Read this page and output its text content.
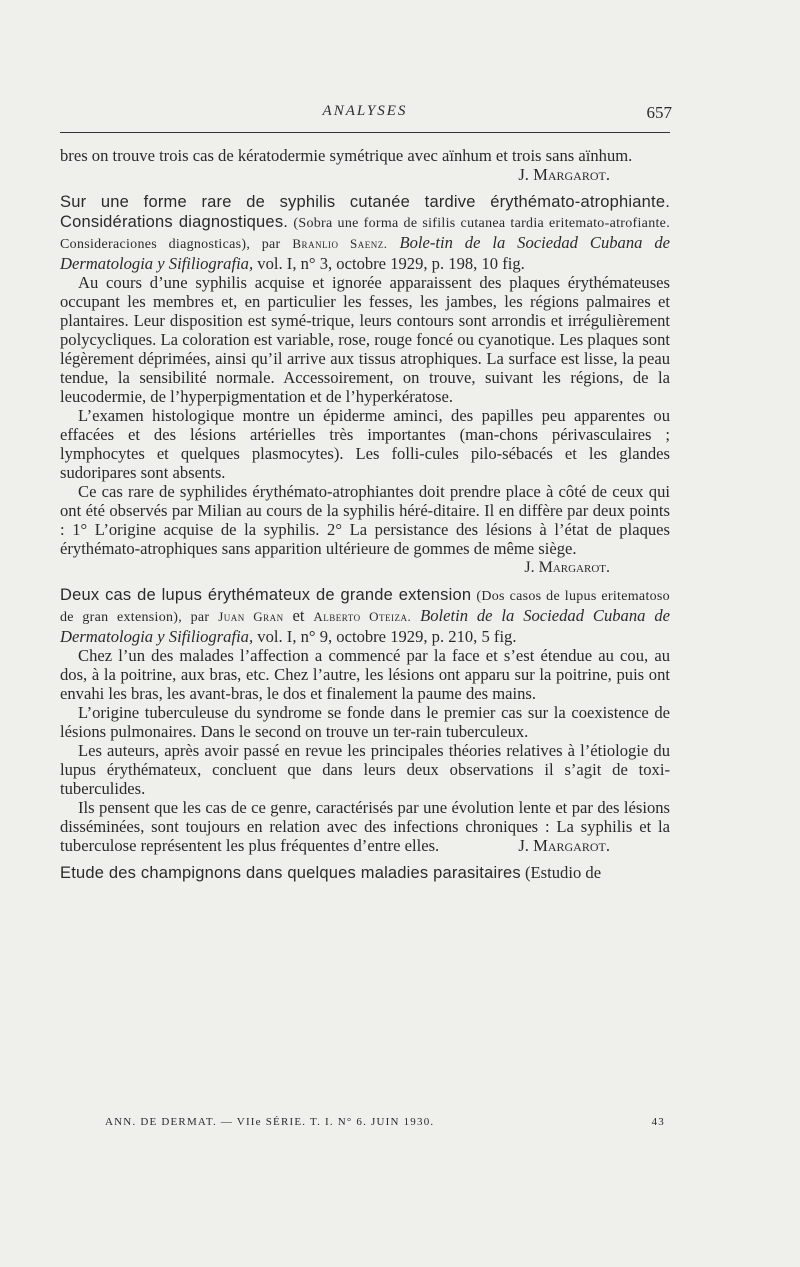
ANALYSES	657

bres on trouve trois cas de kératodermie symétrique avec aïnhum et trois sans aïnhum.
J. Margarot.

Sur une forme rare de syphilis cutanée tardive érythémato-atrophiante. Considérations diagnostiques. (Sobra une forma de sifilis cutanea tardia eritemato-atrofiante. Consideraciones diagnosticas), par Branlio Saenz. Bole-tin de la Sociedad Cubana de Dermatologia y Sifiliografia, vol. I, n° 3, octobre 1929, p. 198, 10 fig.

Au cours d’une syphilis acquise et ignorée apparaissent des plaques érythémateuses occupant les membres et, en particulier les fesses, les jambes, les régions palmaires et plantaires. Leur disposition est symé-trique, leurs contours sont arrondis et irrégulièrement polycycliques. La coloration est variable, rose, rouge foncé ou cyanotique. Les plaques sont légèrement déprimées, ainsi qu’il arrive aux tissus atrophiques. La surface est lisse, la peau tendue, la sensibilité normale. Accessoirement, on trouve, suivant les régions, de la leucodermie, de l’hyperpigmentation et de l’hyperkératose.

L’examen histologique montre un épiderme aminci, des papilles peu apparentes ou effacées et des lésions artérielles très importantes (man-chons périvasculaires ; lymphocytes et quelques plasmocytes). Les folli-cules pilo-sébacés et les glandes sudoripares sont absents.

Ce cas rare de syphilides érythémato-atrophiantes doit prendre place à côté de ceux qui ont été observés par Milian au cours de la syphilis héré-ditaire. Il en diffère par deux points : 1° L’origine acquise de la syphilis. 2° La persistance des lésions à l’état de plaques érythémato-atrophiques sans apparition ultérieure de gommes de même siège.

J. Margarot.

Deux cas de lupus érythémateux de grande extension (Dos casos de lupus eritematoso de gran extension), par Juan Gran et Alberto Oteiza. Boletin de la Sociedad Cubana de Dermatologia y Sifiliografia, vol. I, n° 9, octobre 1929, p. 210, 5 fig.

Chez l’un des malades l’affection a commencé par la face et s’est étendue au cou, au dos, à la poitrine, aux bras, etc. Chez l’autre, les lésions ont apparu sur la poitrine, puis ont envahi les bras, les avant-bras, le dos et finalement la paume des mains.

L’origine tuberculeuse du syndrome se fonde dans le premier cas sur la coexistence de lésions pulmonaires. Dans le second on trouve un ter-rain tuberculeux.

Les auteurs, après avoir passé en revue les principales théories relatives à l’étiologie du lupus érythémateux, concluent que dans leurs deux observations il s’agit de toxi-tuberculides.

Ils pensent que les cas de ce genre, caractérisés par une évolution lente et par des lésions disséminées, sont toujours en relation avec des infections chroniques : La syphilis et la tuberculose représentent les plus fréquentes d’entre elles.	J. Margarot.

Etude des champignons dans quelques maladies parasitaires (Estudio de

ANN. DE DERMAT. — VIIe SÉRIE. T. I. N° 6. JUIN 1930.	43
